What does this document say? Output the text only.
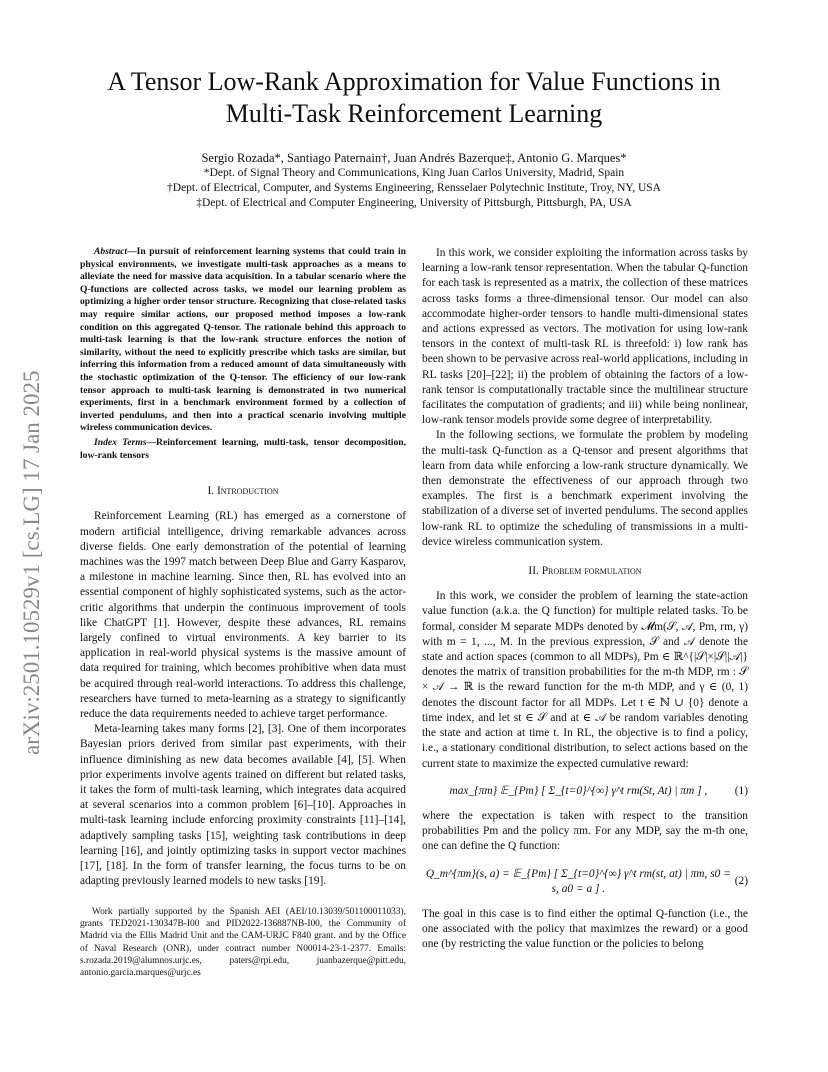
arXiv:2501.10529v1 [cs.LG] 17 Jan 2025
A Tensor Low-Rank Approximation for Value Functions in
Multi-Task Reinforcement Learning
Sergio Rozada*, Santiago Paternain†, Juan Andrés Bazerque‡, Antonio G. Marques*
*Dept. of Signal Theory and Communications, King Juan Carlos University, Madrid, Spain
†Dept. of Electrical, Computer, and Systems Engineering, Rensselaer Polytechnic Institute, Troy, NY, USA
‡Dept. of Electrical and Computer Engineering, University of Pittsburgh, Pittsburgh, PA, USA
Abstract—In pursuit of reinforcement learning systems that could train in physical environments, we investigate multi-task approaches as a means to alleviate the need for massive data acquisition. In a tabular scenario where the Q-functions are collected across tasks, we model our learning problem as optimizing a higher order tensor structure. Recognizing that close-related tasks may require similar actions, our proposed method imposes a low-rank condition on this aggregated Q-tensor. The rationale behind this approach to multi-task learning is that the low-rank structure enforces the notion of similarity, without the need to explicitly prescribe which tasks are similar, but inferring this information from a reduced amount of data simultaneously with the stochastic optimization of the Q-tensor. The efficiency of our low-rank tensor approach to multi-task learning is demonstrated in two numerical experiments, first in a benchmark environment formed by a collection of inverted pendulums, and then into a practical scenario involving multiple wireless communication devices.
Index Terms—Reinforcement learning, multi-task, tensor decomposition, low-rank tensors
I. Introduction

Reinforcement Learning (RL) has emerged as a cornerstone of modern artificial intelligence, driving remarkable advances across diverse fields. One early demonstration of the potential of learning machines was the 1997 match between Deep Blue and Garry Kasparov, a milestone in machine learning. Since then, RL has evolved into an essential component of highly sophisticated systems, such as the actor-critic algorithms that underpin the continuous improvement of tools like ChatGPT [1]. However, despite these advances, RL remains largely confined to virtual environments. A key barrier to its application in real-world physical systems is the massive amount of data required for training, which becomes prohibitive when data must be acquired through real-world interactions. To address this challenge, researchers have turned to meta-learning as a strategy to significantly reduce the data requirements needed to achieve target performance.

Meta-learning takes many forms [2], [3]. One of them incorporates Bayesian priors derived from similar past experiments, with their influence diminishing as new data becomes available [4], [5]. When prior experiments involve agents trained on different but related tasks, it takes the form of multi-task learning, which integrates data acquired at several scenarios into a common problem [6]–[10]. Approaches in multi-task learning include enforcing proximity constraints [11]–[14], adaptively sampling tasks [15], weighting task contributions in deep learning [16], and jointly optimizing tasks in support vector machines [17], [18]. In the form of transfer learning, the focus turns to be on adapting previously learned models to new tasks [19].

Work partially supported by the Spanish AEI (AEI/10.13039/501100011033), grants TED2021-130347B-I00 and PID2022-136887NB-I00, the Community of Madrid via the Ellis Madrid Unit and the CAM-URJC F840 grant. and by the Office of Naval Research (ONR), under contract number N00014-23-1-2377. Emails: s.rozada.2019@alumnos.urjc.es, paters@rpi.edu, juanbazerque@pitt.edu, antonio.garcia.marques@urjc.es

In this work, we consider exploiting the information across tasks by learning a low-rank tensor representation. When the tabular Q-function for each task is represented as a matrix, the collection of these matrices across tasks forms a three-dimensional tensor. Our model can also accommodate higher-order tensors to handle multi-dimensional states and actions expressed as vectors. The motivation for using low-rank tensors in the context of multi-task RL is threefold: i) low rank has been shown to be pervasive across real-world applications, including in RL tasks [20]–[22]; ii) the problem of obtaining the factors of a low-rank tensor is computationally tractable since the multilinear structure facilitates the computation of gradients; and iii) while being nonlinear, low-rank tensor models provide some degree of interpretability.

In the following sections, we formulate the problem by modeling the multi-task Q-function as a Q-tensor and present algorithms that learn from data while enforcing a low-rank structure dynamically. We then demonstrate the effectiveness of our approach through two examples. The first is a benchmark experiment involving the stabilization of a diverse set of inverted pendulums. The second applies low-rank RL to optimize the scheduling of transmissions in a multi-device wireless communication system.

II. Problem formulation

In this work, we consider the problem of learning the state-action value function (a.k.a. the Q function) for multiple related tasks. To be formal, consider M separate MDPs denoted by 𝓜m(𝒮, 𝒜, Pm, rm, γ) with m = 1, ..., M. In the previous expression, 𝒮 and 𝒜 denote the state and action spaces (common to all MDPs), Pm ∈ ℝ^{|𝒮|×|𝒮||𝒜|} denotes the matrix of transition probabilities for the m-th MDP, rm : 𝒮 × 𝒜 → ℝ is the reward function for the m-th MDP, and γ ∈ (0, 1) denotes the discount factor for all MDPs. Let t ∈ ℕ ∪ {0} denote a time index, and let st ∈ 𝒮 and at ∈ 𝒜 be random variables denoting the state and action at time t. In RL, the objective is to find a policy, i.e., a stationary conditional distribution, to select actions based on the current state to maximize the expected cumulative reward:

max_{πm} 𝔼_{Pm} [ Σ_{t=0}^{∞} γ^t rm(St, At) | πm ] ,	(1)

where the expectation is taken with respect to the transition probabilities Pm and the policy πm. For any MDP, say the m-th one, one can define the Q function:

Q_m^{πm}(s, a) = 𝔼_{Pm} [ Σ_{t=0}^{∞} γ^t rm(st, at) | πm, s0 = s, a0 = a ] .
(2)

The goal in this case is to find either the optimal Q-function (i.e., the one associated with the policy that maximizes the reward) or a good one (by restricting the value function or the policies to belong
